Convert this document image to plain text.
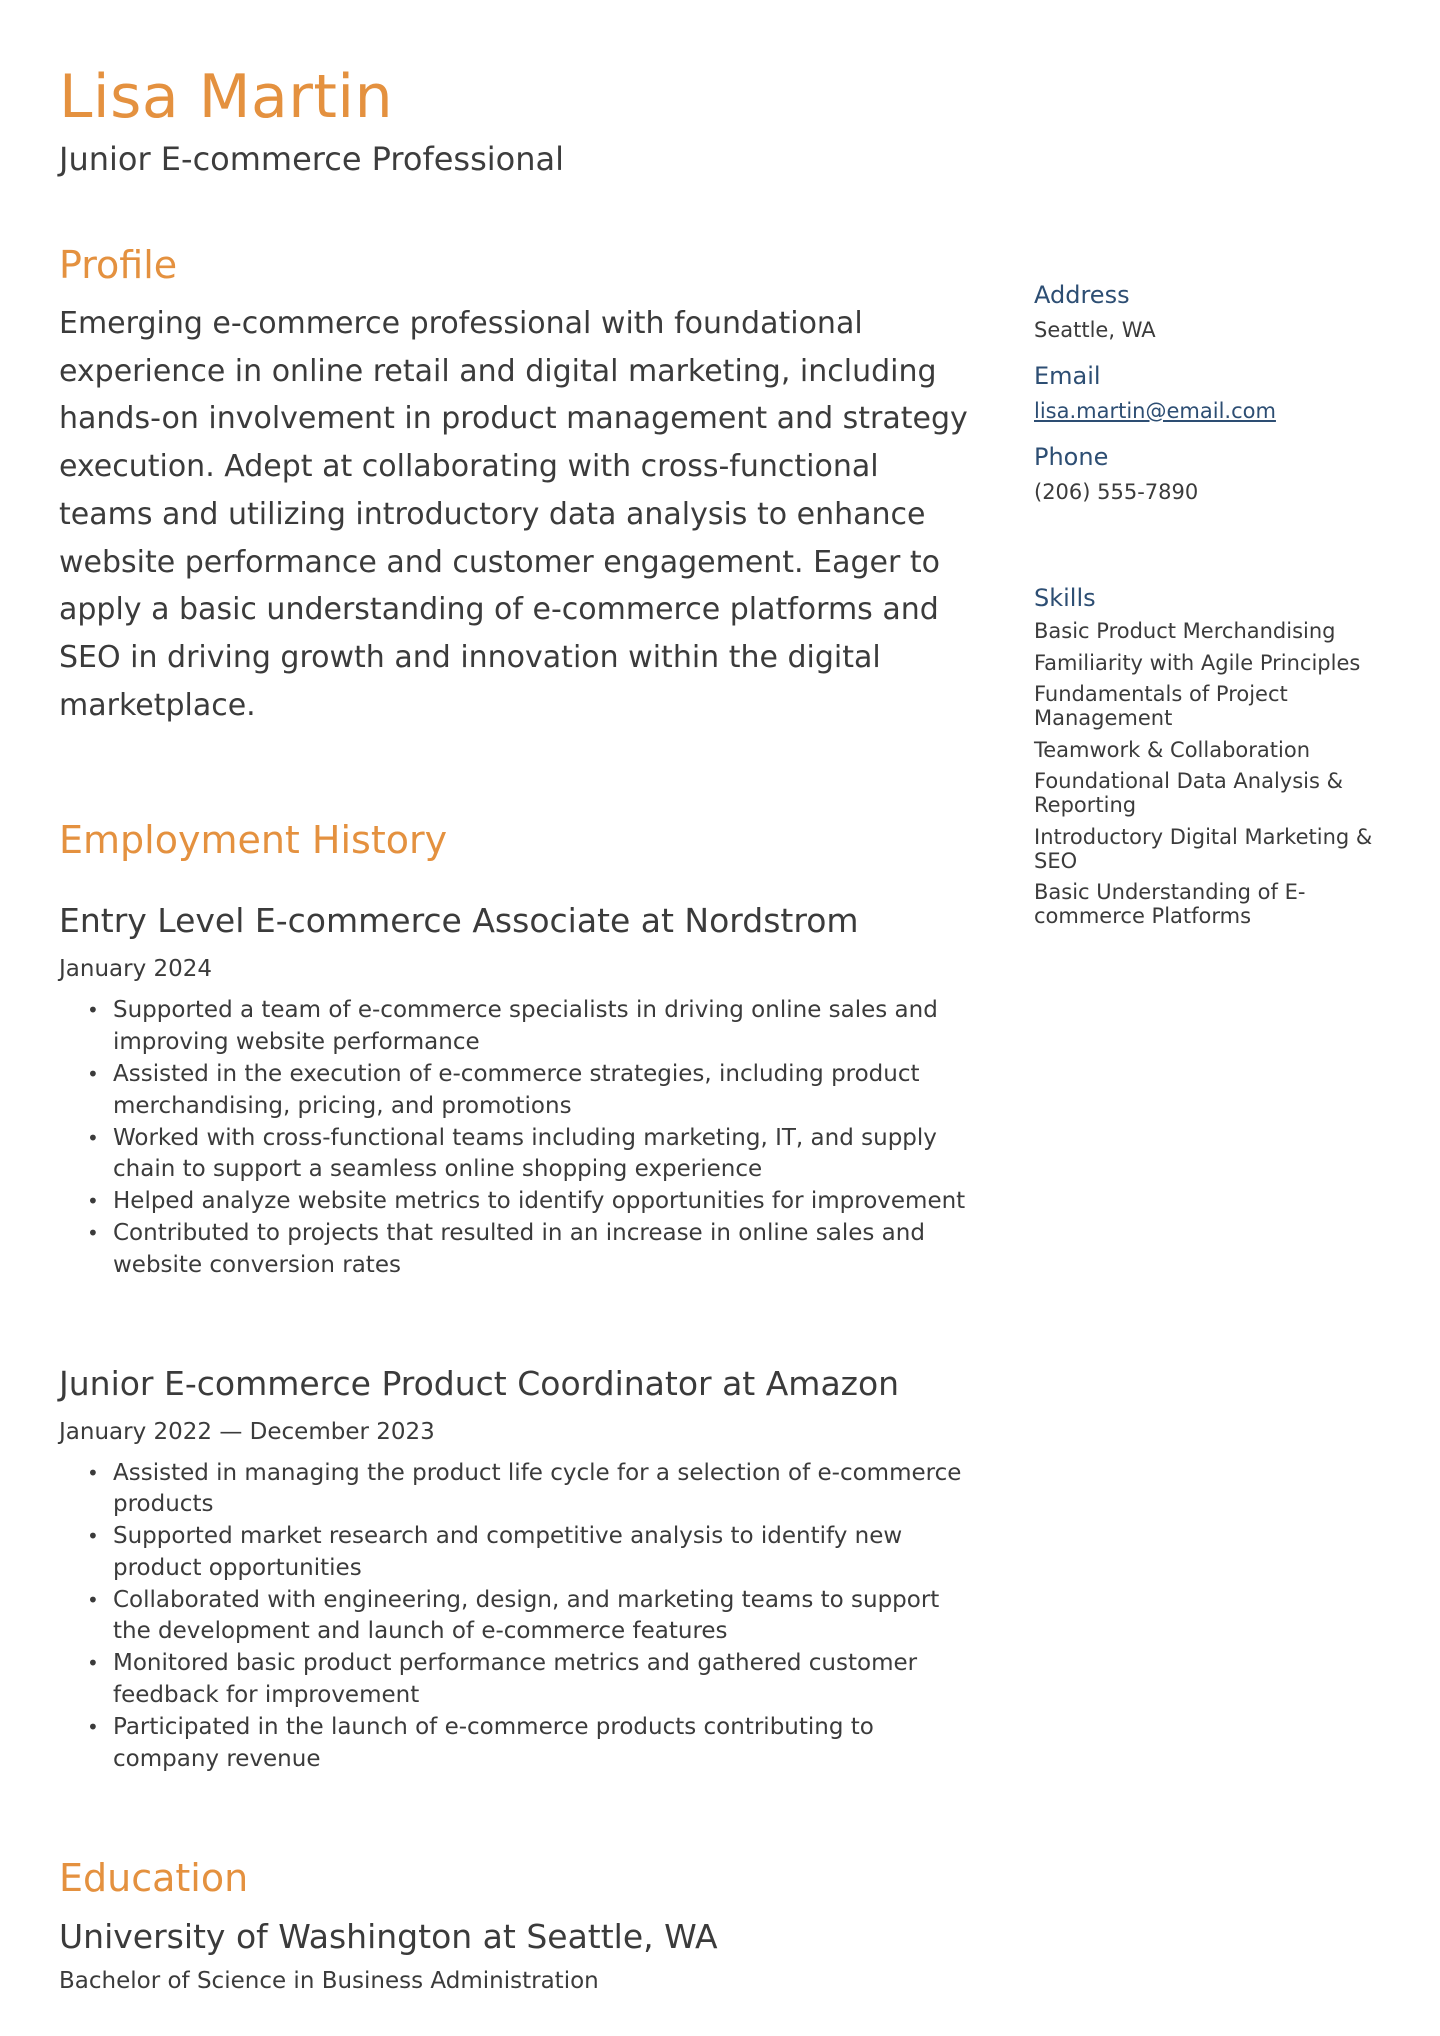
Lisa Martin
Junior E-commerce Professional
Profile
Emerging e-commerce professional with foundational experience in online retail and digital marketing, including hands-on involvement in product management and strategy execution. Adept at collaborating with cross-functional teams and utilizing introductory data analysis to enhance website performance and customer engagement. Eager to apply a basic understanding of e-commerce platforms and SEO in driving growth and innovation within the digital marketplace.
Employment History
Entry Level E-commerce Associate at Nordstrom
January 2024
• Supported a team of e-commerce specialists in driving online sales and improving website performance
• Assisted in the execution of e-commerce strategies, including product merchandising, pricing, and promotions
• Worked with cross-functional teams including marketing, IT, and supply chain to support a seamless online shopping experience
• Helped analyze website metrics to identify opportunities for improvement
• Contributed to projects that resulted in an increase in online sales and website conversion rates
Junior E-commerce Product Coordinator at Amazon
January 2022 — December 2023
• Assisted in managing the product life cycle for a selection of e-commerce products
• Supported market research and competitive analysis to identify new product opportunities
• Collaborated with engineering, design, and marketing teams to support the development and launch of e-commerce features
• Monitored basic product performance metrics and gathered customer feedback for improvement
• Participated in the launch of e-commerce products contributing to company revenue
Education
University of Washington at Seattle, WA
Bachelor of Science in Business Administration
Address
Seattle, WA
Email
lisa.martin@email.com
Phone
(206) 555-7890
Skills
Basic Product Merchandising
Familiarity with Agile Principles
Fundamentals of Project Management
Teamwork & Collaboration
Foundational Data Analysis & Reporting
Introductory Digital Marketing & SEO
Basic Understanding of E-commerce Platforms
